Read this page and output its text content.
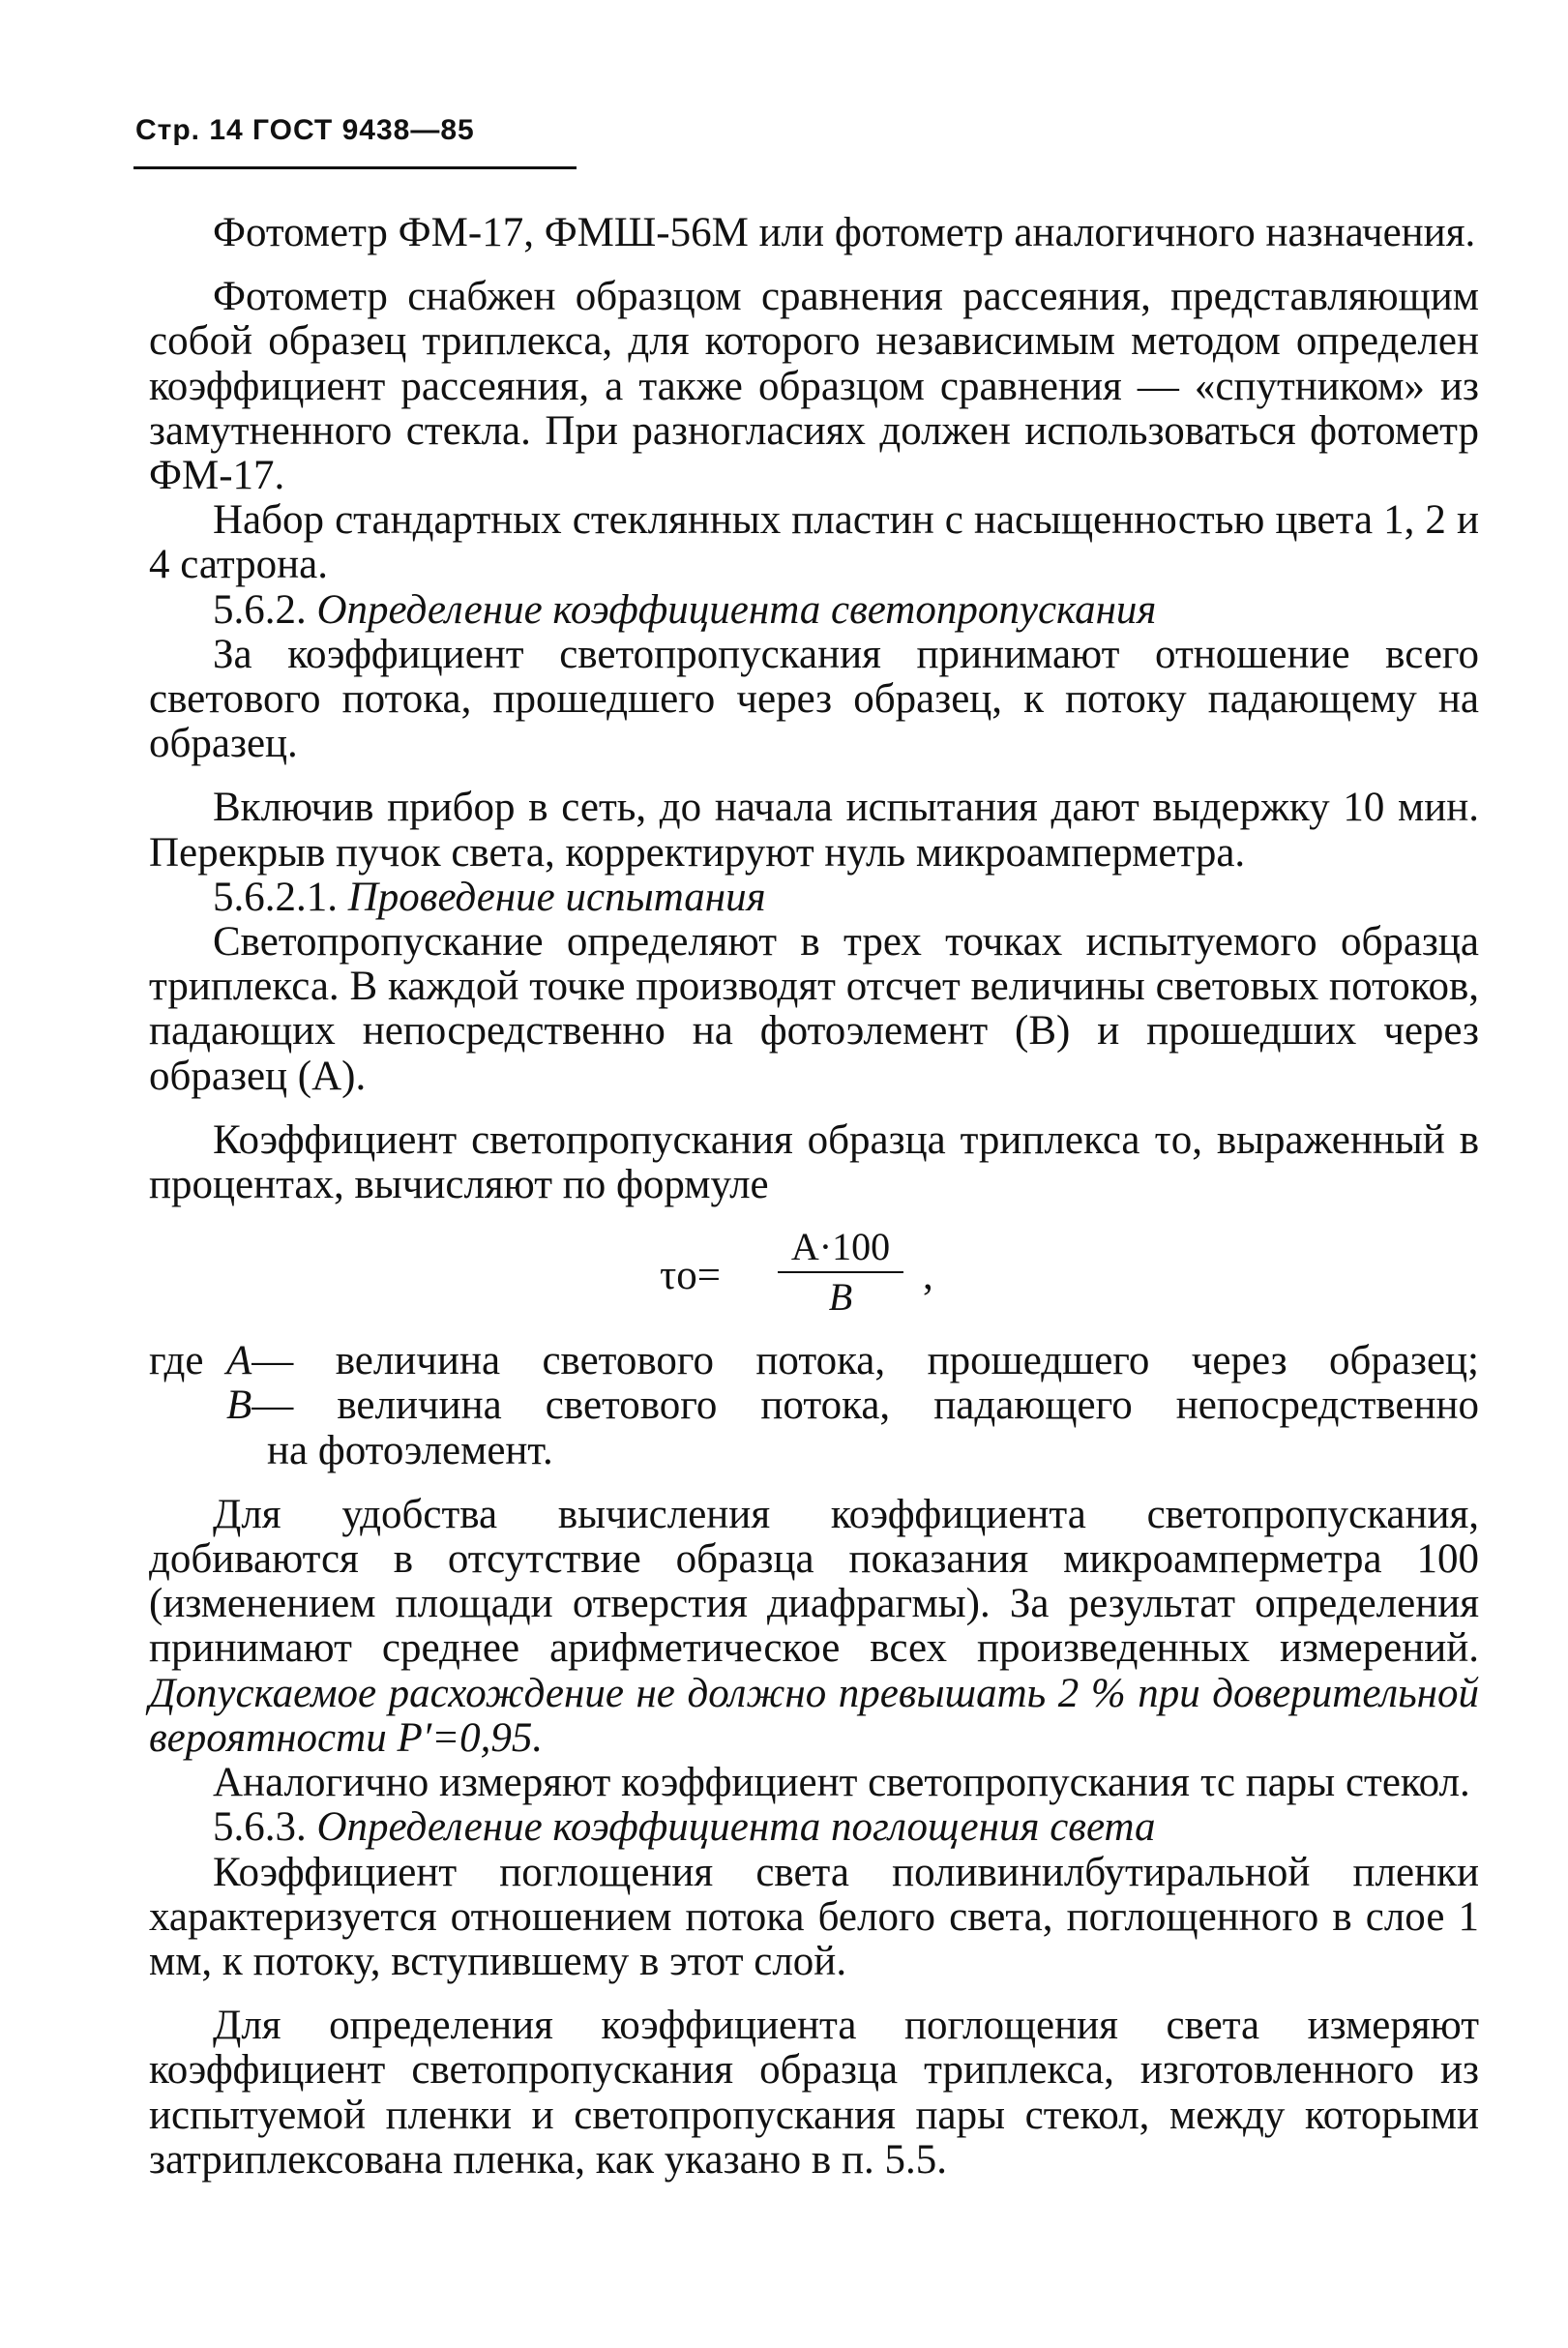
Стр. 14 ГОСТ 9438—85

Фотометр ФМ-17, ФМШ-56М или фотометр аналогичного назначения.

Фотометр снабжен образцом сравнения рассеяния, представляющим собой образец триплекса, для которого независимым методом определен коэффициент рассеяния, а также образцом сравнения — «спутником» из замутненного стекла. При разногласиях должен использоваться фотометр ФМ-17.

Набор стандартных стеклянных пластин с насыщенностью цвета 1, 2 и 4 сатрона.

5.6.2. Определение коэффициента светопропускания

За коэффициент светопропускания принимают отношение всего светового потока, прошедшего через образец, к потоку падающему на образец.

Включив прибор в сеть, до начала испытания дают выдержку 10 мин. Перекрыв пучок света, корректируют нуль микроамперметра.

5.6.2.1. Проведение испытания

Светопропускание определяют в трех точках испытуемого образца триплекса. В каждой точке производят отсчет величины световых потоков, падающих непосредственно на фотоэлемент (В) и прошедших через образец (А).

Коэффициент светопропускания образца триплекса τо, выраженный в процентах, вычисляют по формуле

τо=
А·100
В	,
где А — величина светового потока, прошедшего через образец;
В — величина светового потока, падающего непосредственно
на фотоэлемент.

Для удобства вычисления коэффициента светопропускания, добиваются в отсутствие образца показания микроамперметра 100 (изменением площади отверстия диафрагмы). За результат определения принимают среднее арифметическое всех произведенных измерений. Допускаемое расхождение не должно превышать 2 % при доверительной вероятности Р′=0,95.

Аналогично измеряют коэффициент светопропускания τс пары стекол.

5.6.3. Определение коэффициента поглощения света

Коэффициент поглощения света поливинилбутиральной пленки характеризуется отношением потока белого света, поглощенного в слое 1 мм, к потоку, вступившему в этот слой.

Для определения коэффициента поглощения света измеряют коэффициент светопропускания образца триплекса, изготовленного из испытуемой пленки и светопропускания пары стекол, между которыми затриплексована пленка, как указано в п. 5.5.
